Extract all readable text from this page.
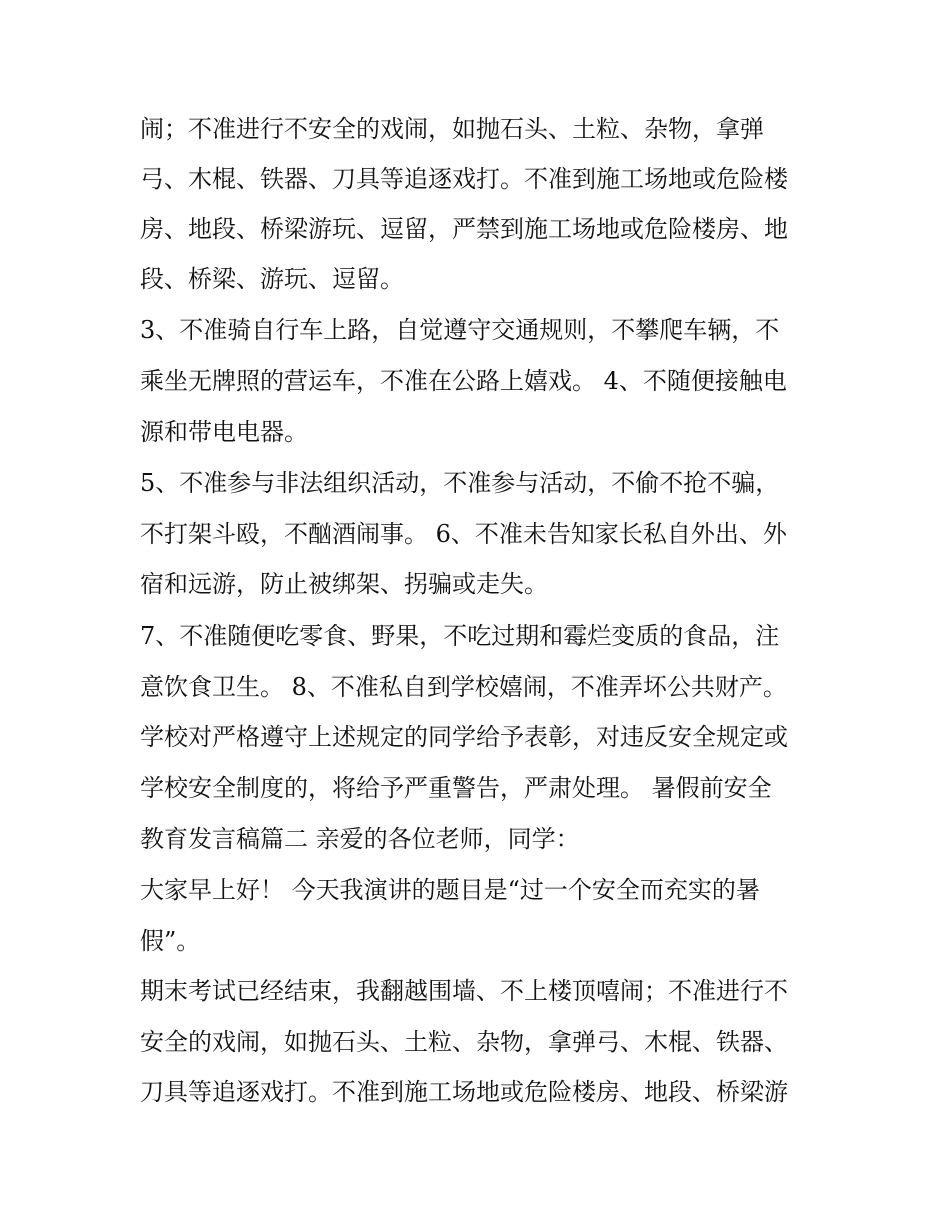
闹；不准进行不安全的戏闹，如抛石头、土粒、杂物，拿弹
弓、木棍、铁器、刀具等追逐戏打。不准到施工场地或危险楼
房、地段、桥梁游玩、逗留，严禁到施工场地或危险楼房、地
段、桥梁、游玩、逗留。
3、不准骑自行车上路，自觉遵守交通规则，不攀爬车辆，不
乘坐无牌照的营运车，不准在公路上嬉戏。 4、不随便接触电
源和带电电器。
5、不准参与非法组织活动，不准参与活动，不偷不抢不骗，
不打架斗殴，不酗酒闹事。 6、不准未告知家长私自外出、外
宿和远游，防止被绑架、拐骗或走失。
7、不准随便吃零食、野果，不吃过期和霉烂变质的食品，注
意饮食卫生。 8、不准私自到学校嬉闹，不准弄坏公共财产。
学校对严格遵守上述规定的同学给予表彰，对违反安全规定或
学校安全制度的，将给予严重警告，严肃处理。 暑假前安全
教育发言稿篇二 亲爱的各位老师，同学：
大家早上好！ 今天我演讲的题目是“过一个安全而充实的暑
假”。
期末考试已经结束，我翻越围墙、不上楼顶嘻闹；不准进行不
安全的戏闹，如抛石头、土粒、杂物，拿弹弓、木棍、铁器、
刀具等追逐戏打。不准到施工场地或危险楼房、地段、桥梁游
